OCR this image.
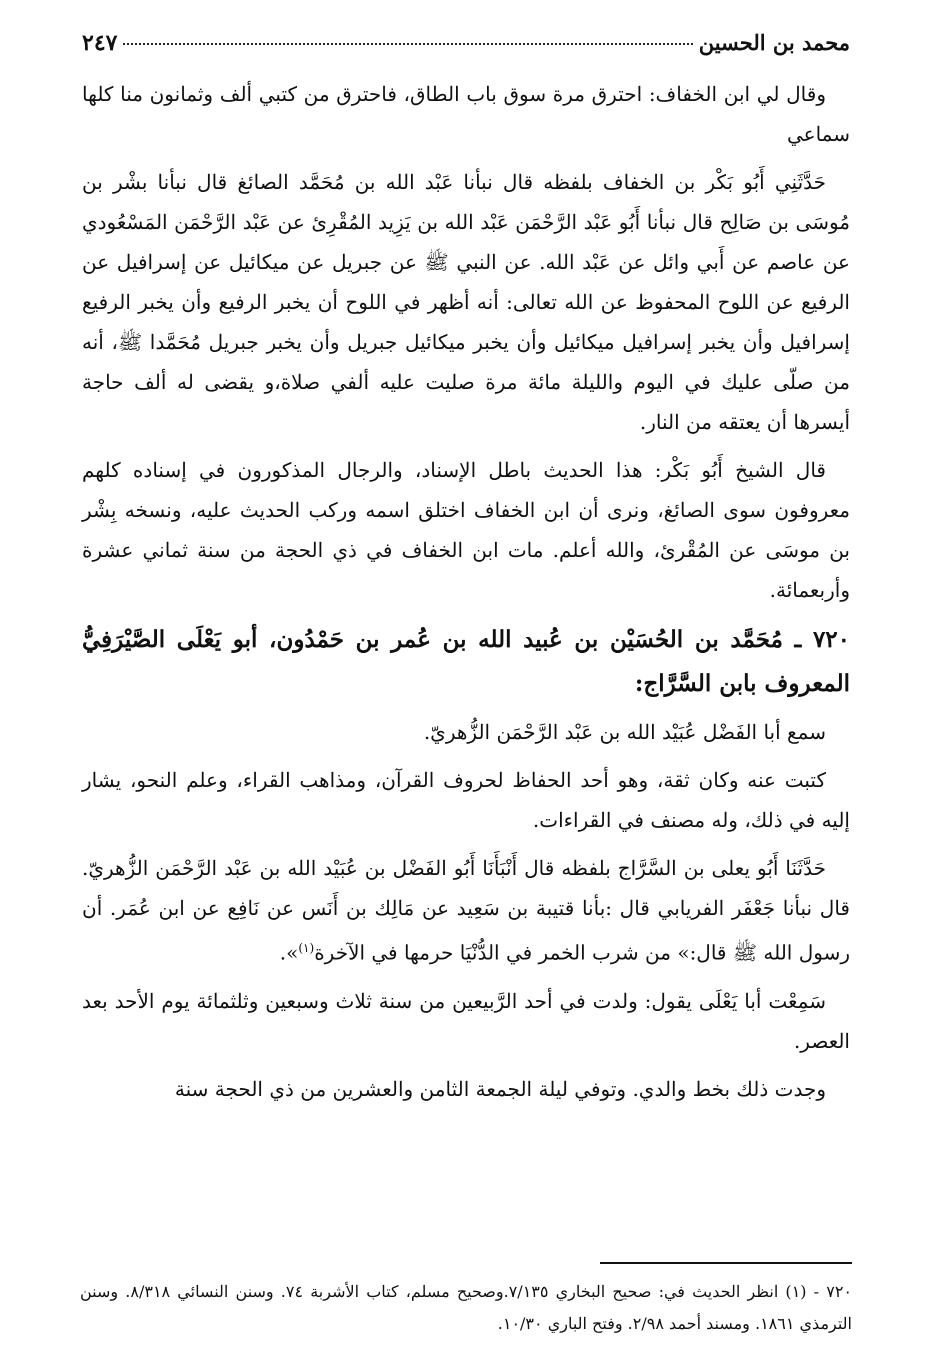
محمد بن الحسين
٢٤٧

وقال لي ابن الخفاف: احترق مرة سوق باب الطاق، فاحترق من كتبي ألف وثمانون منا كلها سماعي

حَدَّثَنِي أَبُو بَكْر بن الخفاف بلفظه قال نبأنا عَبْد الله بن مُحَمَّد الصائغ قال نبأنا بشْر بن مُوسَى بن صَالِح قال نبأنا أَبُو عَبْد الرَّحْمَن عَبْد الله بن يَزِيد المُقْرِئ عن عَبْد الرَّحْمَن المَسْعُودي عن عاصم عن أَبي وائل عن عَبْد الله. عن النبي ﷺ عن جبريل عن ميكائيل عن إسرافيل عن الرفيع عن اللوح المحفوظ عن الله تعالى: أنه أظهر في اللوح أن يخبر الرفيع وأن يخبر الرفيع إسرافيل وأن يخبر إسرافيل ميكائيل وأن يخبر ميكائيل جبريل وأن يخبر جبريل مُحَمَّدا ﷺ، أنه من صلّى عليك في اليوم والليلة مائة مرة صليت عليه ألفي صلاة،و يقضى له ألف حاجة أيسرها أن يعتقه من النار.

قال الشيخ أَبُو بَكْر: هذا الحديث باطل الإسناد، والرجال المذكورون في إسناده كلهم معروفون سوى الصائغ، ونرى أن ابن الخفاف اختلق اسمه وركب الحديث عليه، ونسخه بِشْر بن موسَى عن المُقْرئ، والله أعلم. مات ابن الخفاف في ذي الحجة من سنة ثماني عشرة وأربعمائة.

٧٢٠ ـ مُحَمَّد بن الحُسَيْن بن عُبيد الله بن عُمر بن حَمْدُون، أبو يَعْلَى الصَّيْرَفِيُّ المعروف بابن السَّرَّاج:

سمع أبا الفَضْل عُبَيْد الله بن عَبْد الرَّحْمَن الزُّهريّ.

كتبت عنه وكان ثقة، وهو أحد الحفاظ لحروف القرآن، ومذاهب القراء، وعلم النحو، يشار إليه في ذلك، وله مصنف في القراءات.

حَدَّثَنَا أَبُو يعلى بن السَّرَّاج بلفظه قال أَنْبَأَنَا أَبُو الفَضْل بن عُبَيْد الله بن عَبْد الرَّحْمَن الزُّهريّ. قال نبأنا جَعْفَر الفريابي قال :بأنا قتيبة بن سَعِيد عن مَالِك بن أَنَس عن نَافِع عن ابن عُمَر. أن رسول الله ﷺ قال:» من شرب الخمر في الدُّنْيَا حرمها في الآخرة$^{(١)}$».

سَمِعْت أبا يَعْلَى يقول: ولدت في أحد الرَّبيعين من سنة ثلاث وسبعين وثلثمائة يوم الأحد بعد العصر.

وجدت ذلك بخط والدي. وتوفي ليلة الجمعة الثامن والعشرين من ذي الحجة سنة

٧٢٠ - (١) انظر الحديث في: صحيح البخاري ٧/١٣٥.وصحيح مسلم، كتاب الأشربة ٧٤. وسنن النسائي ٨/٣١٨. وسنن الترمذي ١٨٦١. ومسند أحمد ٢/٩٨. وفتح الباري ١٠/٣٠.
